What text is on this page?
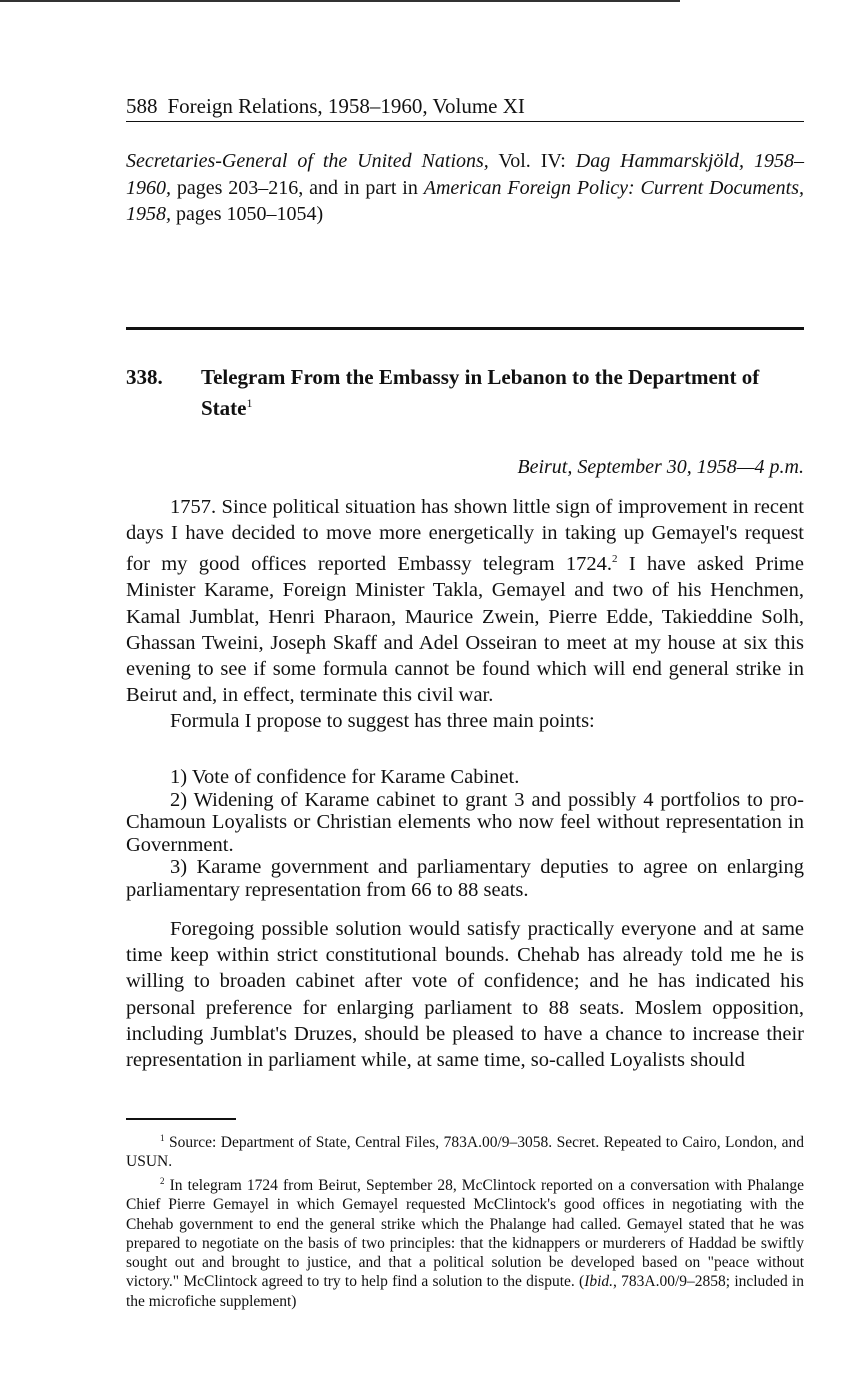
588 Foreign Relations, 1958–1960, Volume XI
Secretaries-General of the United Nations, Vol. IV: Dag Hammarskjöld, 1958–1960, pages 203–216, and in part in American Foreign Policy: Current Documents, 1958, pages 1050–1054)
338. Telegram From the Embassy in Lebanon to the Department of State$^1$
Beirut, September 30, 1958—4 p.m.

1757. Since political situation has shown little sign of improvement in recent days I have decided to move more energetically in taking up Gemayel's request for my good offices reported Embassy telegram 1724.$^2$ I have asked Prime Minister Karame, Foreign Minister Takla, Gemayel and two of his Henchmen, Kamal Jumblat, Henri Pharaon, Maurice Zwein, Pierre Edde, Takieddine Solh, Ghassan Tweini, Joseph Skaff and Adel Osseiran to meet at my house at six this evening to see if some formula cannot be found which will end general strike in Beirut and, in effect, terminate this civil war.

Formula I propose to suggest has three main points:

1) Vote of confidence for Karame Cabinet.

2) Widening of Karame cabinet to grant 3 and possibly 4 portfolios to pro-Chamoun Loyalists or Christian elements who now feel without representation in Government.

3) Karame government and parliamentary deputies to agree on enlarging parliamentary representation from 66 to 88 seats.

Foregoing possible solution would satisfy practically everyone and at same time keep within strict constitutional bounds. Chehab has already told me he is willing to broaden cabinet after vote of confidence; and he has indicated his personal preference for enlarging parliament to 88 seats. Moslem opposition, including Jumblat's Druzes, should be pleased to have a chance to increase their representation in parliament while, at same time, so-called Loyalists should

$^1$ Source: Department of State, Central Files, 783A.00/9–3058. Secret. Repeated to Cairo, London, and USUN.

$^2$ In telegram 1724 from Beirut, September 28, McClintock reported on a conversation with Phalange Chief Pierre Gemayel in which Gemayel requested McClintock's good offices in negotiating with the Chehab government to end the general strike which the Phalange had called. Gemayel stated that he was prepared to negotiate on the basis of two principles: that the kidnappers or murderers of Haddad be swiftly sought out and brought to justice, and that a political solution be developed based on "peace without victory." McClintock agreed to try to help find a solution to the dispute. (Ibid., 783A.00/9–2858; included in the microfiche supplement)
